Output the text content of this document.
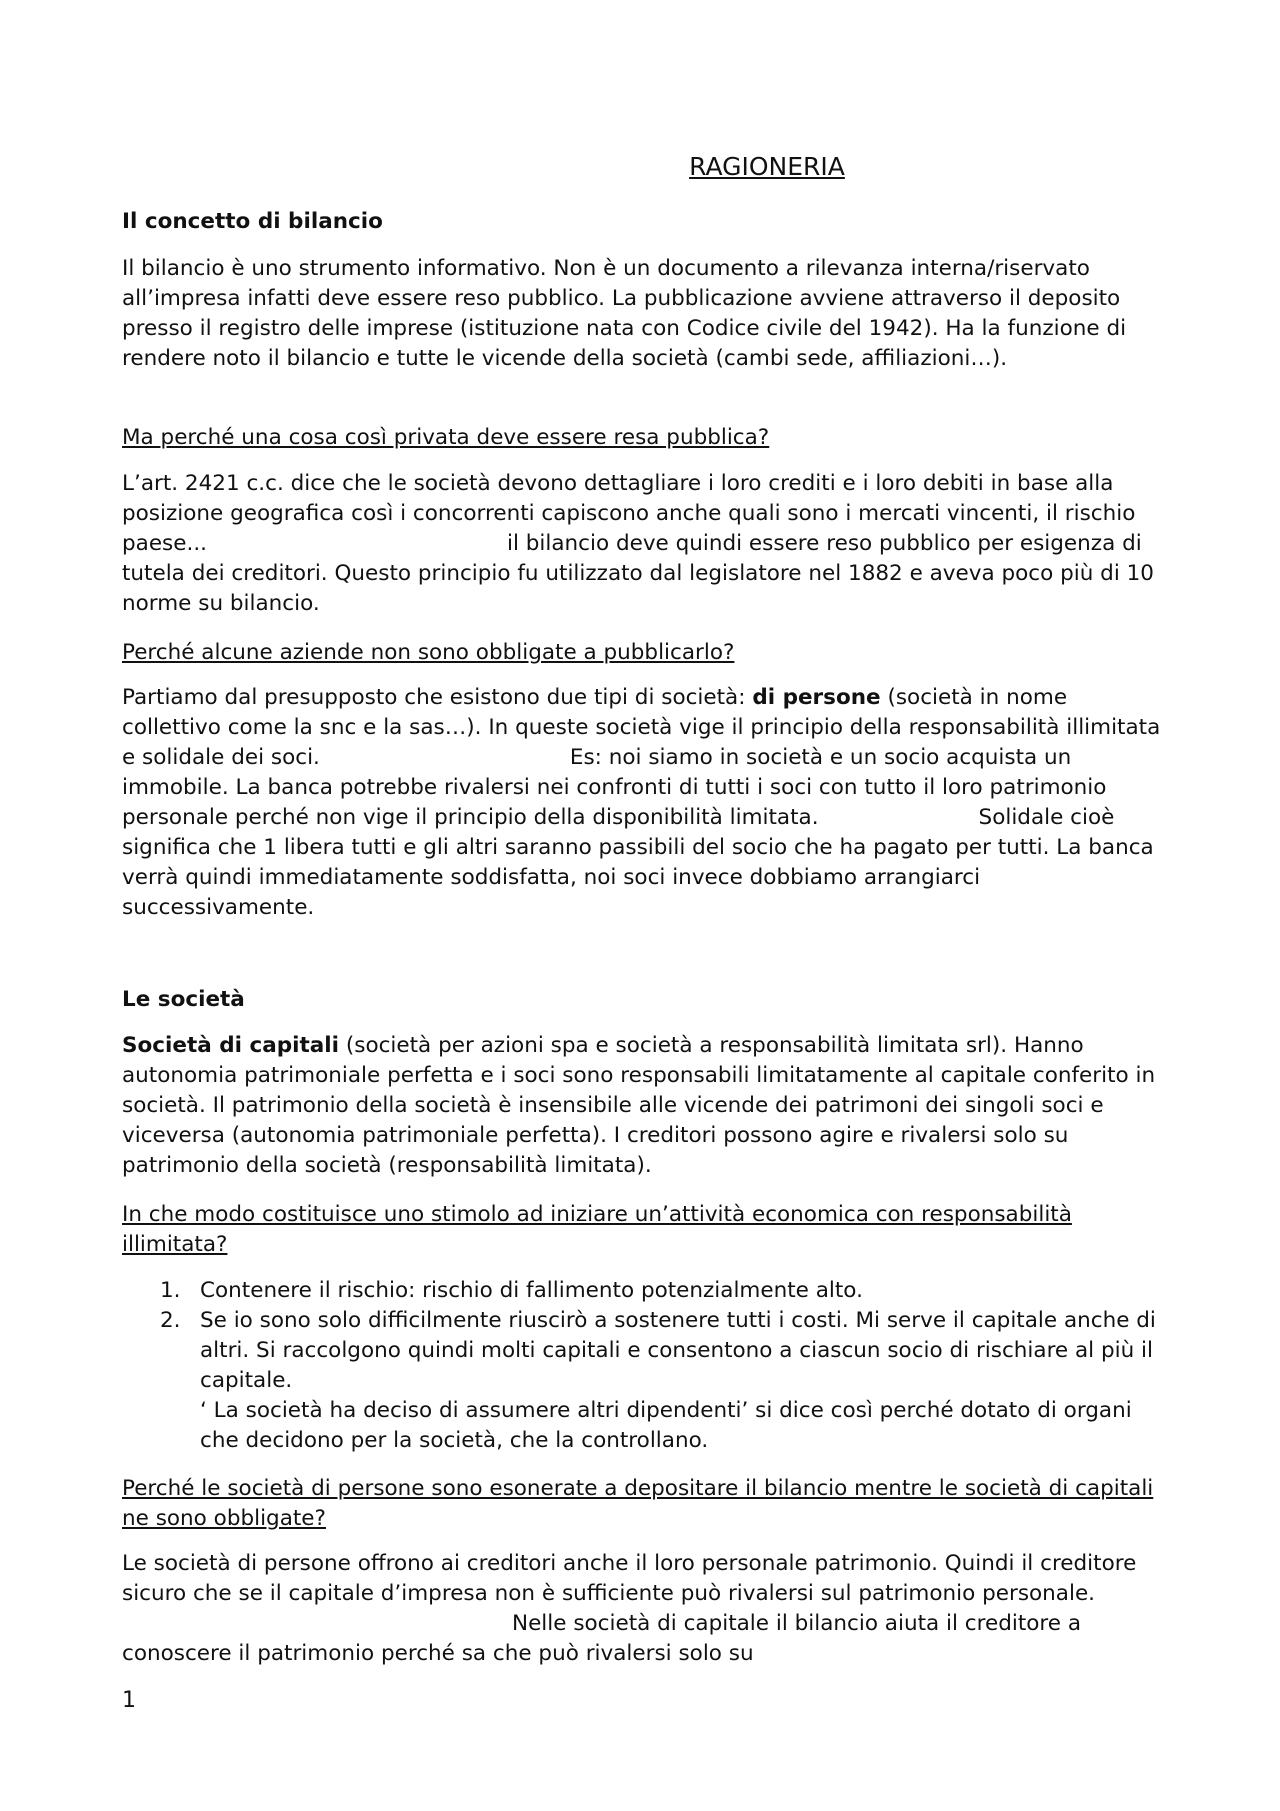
RAGIONERIA

Il concetto di bilancio

Il bilancio è uno strumento informativo. Non è un documento a rilevanza interna/riservato all’impresa infatti deve essere reso pubblico. La pubblicazione avviene attraverso il deposito presso il registro delle imprese (istituzione nata con Codice civile del 1942). Ha la funzione di rendere noto il bilancio e tutte le vicende della società (cambi sede, affiliazioni…).

Ma perché una cosa così privata deve essere resa pubblica?

L’art. 2421 c.c. dice che le società devono dettagliare i loro crediti e i loro debiti in base alla posizione geografica così i concorrenti capiscono anche quali sono i mercati vincenti, il rischio paese...	il bilancio deve quindi essere reso pubblico per esigenza di tutela dei creditori. Questo principio fu utilizzato dal legislatore nel 1882 e aveva poco più di 10 norme su bilancio.

Perché alcune aziende non sono obbligate a pubblicarlo?

Partiamo dal presupposto che esistono due tipi di società: di persone (società in nome collettivo come la snc e la sas…). In queste società vige il principio della responsabilità illimitata e solidale dei soci.	Es: noi siamo in società e un socio acquista un immobile. La banca potrebbe rivalersi nei confronti di tutti i soci con tutto il loro patrimonio personale perché non vige il principio della disponibilità limitata.	Solidale cioè significa che 1 libera tutti e gli altri saranno passibili del socio che ha pagato per tutti. La banca verrà quindi immediatamente soddisfatta, noi soci invece dobbiamo arrangiarci successivamente.

Le società

Società di capitali (società per azioni spa e società a responsabilità limitata srl). Hanno autonomia patrimoniale perfetta e i soci sono responsabili limitatamente al capitale conferito in società. Il patrimonio della società è insensibile alle vicende dei patrimoni dei singoli soci e viceversa (autonomia patrimoniale perfetta). I creditori possono agire e rivalersi solo su patrimonio della società (responsabilità limitata).

In che modo costituisce uno stimolo ad iniziare un’attività economica con responsabilità illimitata?

1. Contenere il rischio: rischio di fallimento potenzialmente alto.
2. Se io sono solo difficilmente riuscirò a sostenere tutti i costi. Mi serve il capitale anche di altri. Si raccolgono quindi molti capitali e consentono a ciascun socio di rischiare al più il capitale.
‘ La società ha deciso di assumere altri dipendenti’ si dice così perché dotato di organi che decidono per la società, che la controllano.

Perché le società di persone sono esonerate a depositare il bilancio mentre le società di capitali ne sono obbligate?

Le società di persone offrono ai creditori anche il loro personale patrimonio. Quindi il creditore sicuro che se il capitale d’impresa non è sufficiente può rivalersi sul patrimonio personale.Nelle società di capitale il bilancio aiuta il creditore a conoscere il patrimonio perché sa che può rivalersi solo su

1
